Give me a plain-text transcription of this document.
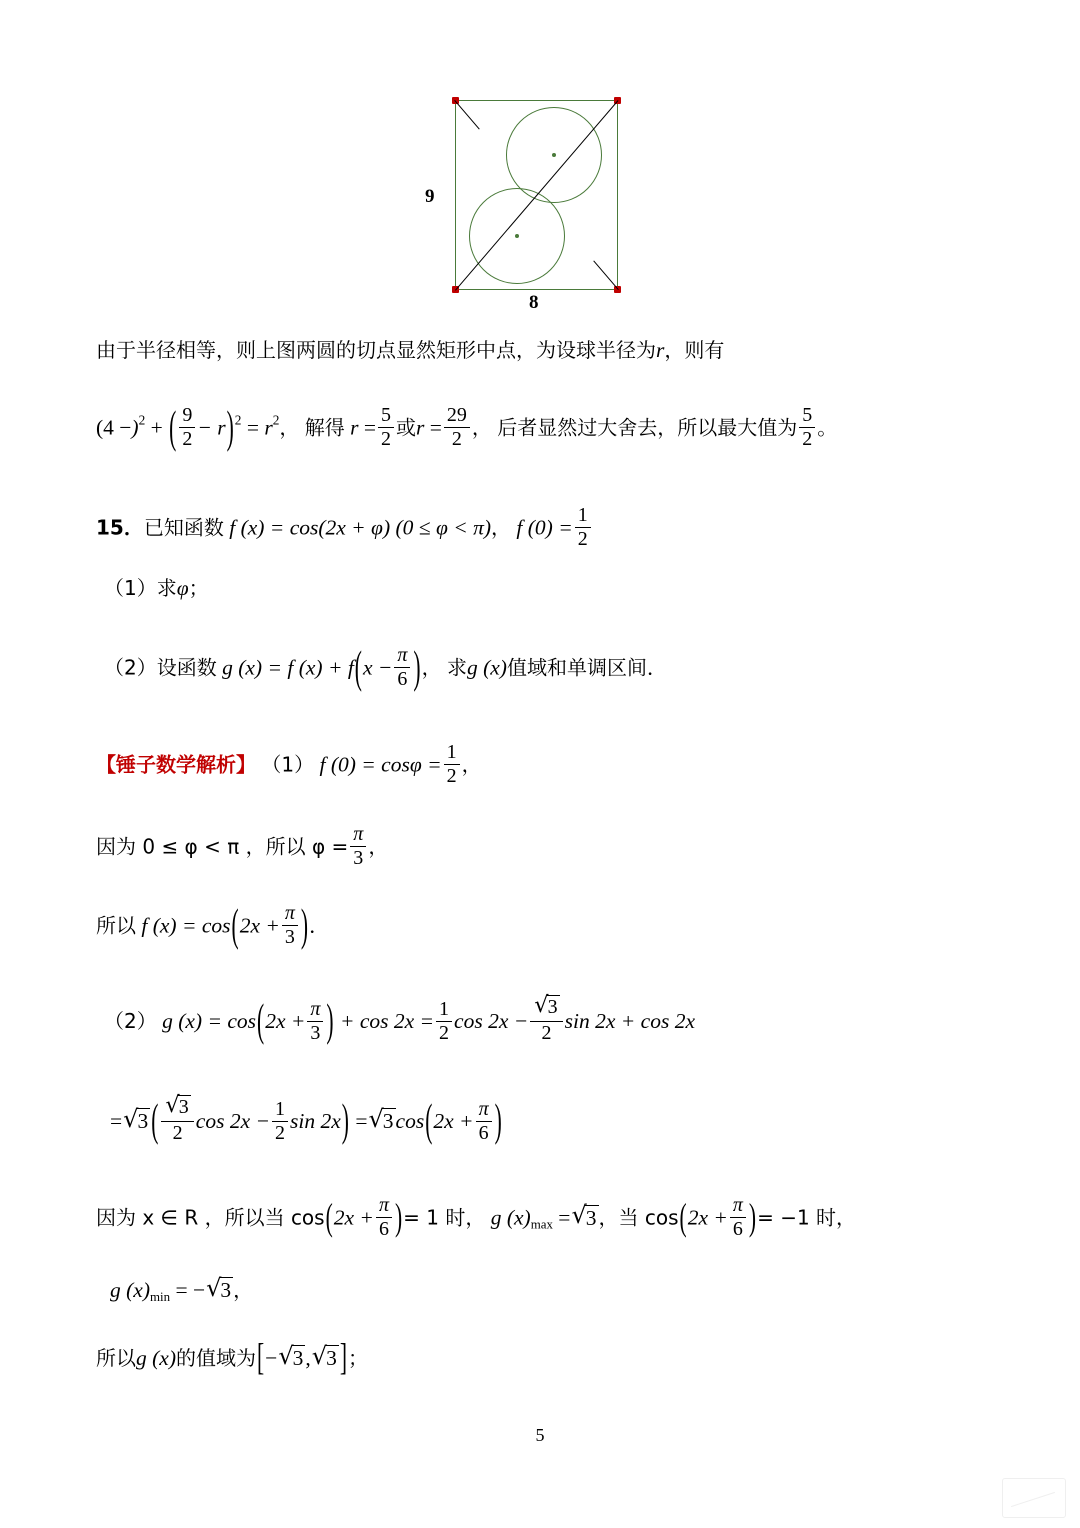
9
8
由于半径相等，则上图两圆的切点显然矩形中点，为设球半径为r，则有
$(4 -)^2$ + ( $\frac{9}{2} - r)^2 = r^2$， 解得 $r = \frac{5}{2}$ 或$r = \frac{29}{2}$ ， 后者显然过大舍去，所以最大值为 $\frac{5}{2}$ 。
15．已知函数 f (x) = cos(2x + φ) (0 ≤ φ < π)， f $(0) = \frac{1}{2}$
（1）求φ；
（2）设函数 g (x) = f $(x) + f(x - \frac{\pi}{6}$ )， 求g (x)值域和单调区间．
【锤子数学解析】 （1） f $(0) = \cos\varphi = \frac{1}{2}$ ，
因为 0 ≤ φ < π ，所以 $\varphi = \frac{\pi}{3}$ ，
所以 f $(x) = \cos(2x + \frac{\pi}{3}$ )．
（2） g $(x) = \cos(2x + \frac{\pi}{3}$ ) + $\cos 2x = \frac{1}{2}$ cos 2x − √ $\frac{3}{2}$ sin 2x + cos 2x
= √ 3 ( √ $\frac{3}{2}$ $\cos 2x - \frac{1}{2}$ sin 2x) = √ $3\cos(2x + \frac{\pi}{6}$ )
因为 x ∈ R ，所以当 $\cos(2x + \frac{\pi}{6}$ )= 1 时， g $(x)_{max}$ = √ 3 ，当 $\cos(2x + \frac{\pi}{6}$ )= −1 时，
g $(x)_{min}$ = − √ 3 ，
所以g (x)的值域为[− √ 3, √ 3 ]；
5
